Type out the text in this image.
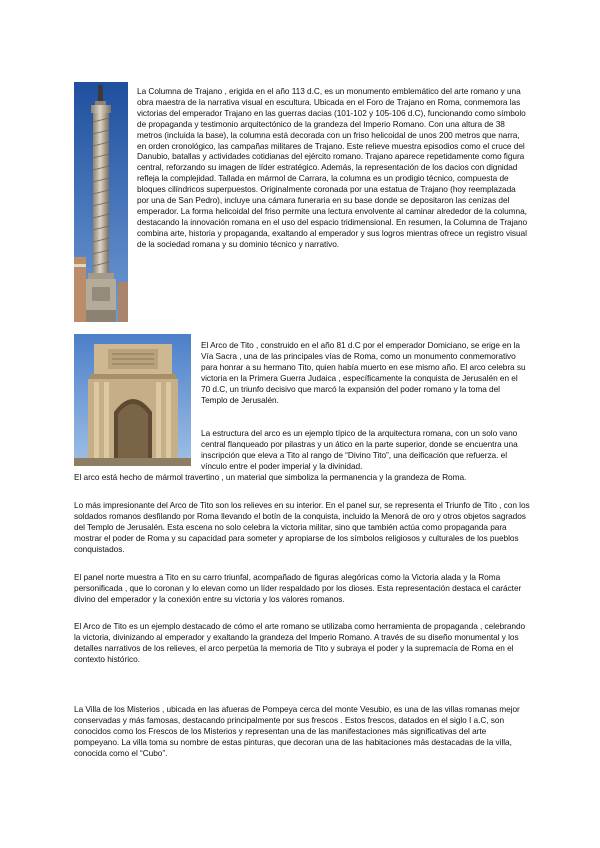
La Columna de Trajano , erigida en el año 113 d.C, es un monumento emblemático del arte romano y una obra maestra de la narrativa visual en escultura. Ubicada en el Foro de Trajano en Roma, conmemora las victorias del emperador Trajano en las guerras dacias (101-102 y 105-106 d.C), funcionando como símbolo de propaganda y testimonio arquitectónico de la grandeza del Imperio Romano. Con una altura de 38 metros (incluida la base), la columna está decorada con un friso helicoidal de unos 200 metros que narra, en orden cronológico, las campañas militares de Trajano. Este relieve muestra episodios como el cruce del Danubio, batallas y actividades cotidianas del ejército romano. Trajano aparece repetidamente como figura central, reforzando su imagen de líder estratégico. Además, la representación de los dacios con dignidad refleja la complejidad. Tallada en mármol de Carrara, la columna es un prodigio técnico, compuesta de bloques cilíndricos superpuestos. Originalmente coronada por una estatua de Trajano (hoy reemplazada por una de San Pedro), incluye una cámara funeraria en su base donde se depositaron las cenizas del emperador. La forma helicoidal del friso permite una lectura envolvente al caminar alrededor de la columna, destacando la innovación romana en el uso del espacio tridimensional. En resumen, la Columna de Trajano combina arte, historia y propaganda, exaltando al emperador y sus logros mientras ofrece un registro visual de la sociedad romana y su dominio técnico y narrativo.
El Arco de Tito , construido en el año 81 d.C por el emperador Domiciano, se erige en la Vía Sacra , una de las principales vías de Roma, como un monumento conmemorativo para honrar a su hermano Tito, quien había muerto en ese mismo año. El arco celebra su victoria en la Primera Guerra Judaica , específicamente la conquista de Jerusalén en el 70 d.C, un triunfo decisivo que marcó la expansión del poder romano y la toma del Templo de Jerusalén.
La estructura del arco es un ejemplo típico de la arquitectura romana, con un solo vano central flanqueado por pilastras y un ático en la parte superior, donde se encuentra una inscripción que eleva a Tito al rango de “Divino Tito”, una deificación que refuerza. el vínculo entre el poder imperial y la divinidad.
El arco está hecho de mármol travertino , un material que simboliza la permanencia y la grandeza de Roma.
Lo más impresionante del Arco de Tito son los relieves en su interior. En el panel sur, se representa el Triunfo de Tito , con los soldados romanos desfilando por Roma llevando el botín de la conquista, incluido la Menorá de oro y otros objetos sagrados del Templo de Jerusalén. Esta escena no solo celebra la victoria militar, sino que también actúa como propaganda para mostrar el poder de Roma y su capacidad para someter y apropiarse de los símbolos religiosos y culturales de los pueblos conquistados.
El panel norte muestra a Tito en su carro triunfal, acompañado de figuras alegóricas como la Victoria alada y la Roma personificada , que lo coronan y lo elevan como un líder respaldado por los dioses. Esta representación destaca el carácter divino del emperador y la conexión entre su victoria y los valores romanos.
El Arco de Tito es un ejemplo destacado de cómo el arte romano se utilizaba como herramienta de propaganda , celebrando la victoria, divinizando al emperador y exaltando la grandeza del Imperio Romano. A través de su diseño monumental y los detalles narrativos de los relieves, el arco perpetúa la memoria de Tito y subraya el poder y la supremacía de Roma en el contexto histórico.
La Villa de los Misterios , ubicada en las afueras de Pompeya cerca del monte Vesubio, es una de las villas romanas mejor conservadas y más famosas, destacando principalmente por sus frescos . Estos frescos, datados en el siglo I a.C, son conocidos como los Frescos de los Misterios y representan una de las manifestaciones más significativas del arte pompeyano. La villa toma su nombre de estas pinturas, que decoran una de las habitaciones más destacadas de la villa, conocida como el “Cubo”.
